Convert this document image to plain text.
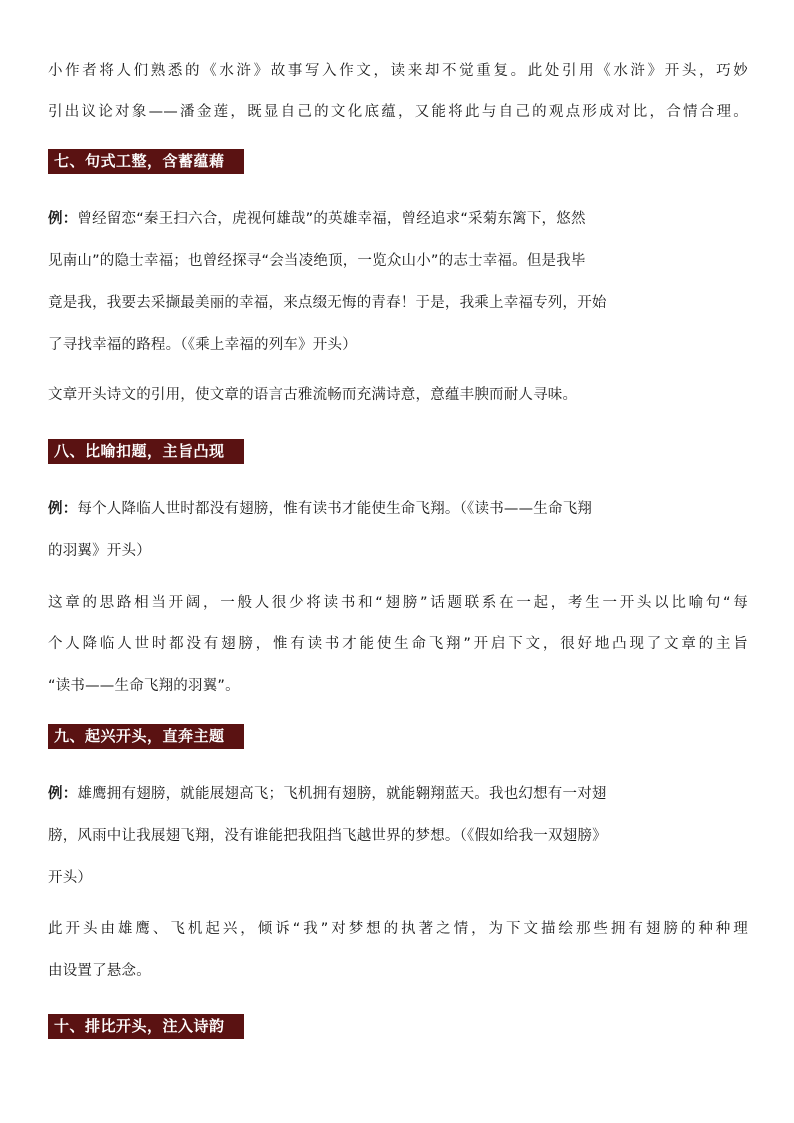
小作者将人们熟悉的《水浒》故事写入作文，读来却不觉重复。此处引用《水浒》开头，巧妙
引出议论对象——潘金莲，既显自己的文化底蕴，又能将此与自己的观点形成对比，合情合理。
七、句式工整，含蓄蕴藉
例：曾经留恋“秦王扫六合，虎视何雄哉”的英雄幸福，曾经追求“采菊东篱下，悠然
见南山”的隐士幸福；也曾经探寻“会当凌绝顶，一览众山小”的志士幸福。但是我毕
竟是我，我要去采撷最美丽的幸福，来点缀无悔的青春！于是，我乘上幸福专列，开始
了寻找幸福的路程。（《乘上幸福的列车》开头）
文章开头诗文的引用，使文章的语言古雅流畅而充满诗意，意蕴丰腴而耐人寻味。
八、比喻扣题，主旨凸现
例：每个人降临人世时都没有翅膀，惟有读书才能使生命飞翔。（《读书——生命飞翔
的羽翼》开头）
这章的思路相当开阔，一般人很少将读书和“翅膀”话题联系在一起，考生一开头以比喻句“每
个人降临人世时都没有翅膀，惟有读书才能使生命飞翔”开启下文，很好地凸现了文章的主旨
“读书——生命飞翔的羽翼”。
九、起兴开头，直奔主题
例：雄鹰拥有翅膀，就能展翅高飞；飞机拥有翅膀，就能翱翔蓝天。我也幻想有一对翅
膀，风雨中让我展翅飞翔，没有谁能把我阻挡飞越世界的梦想。（《假如给我一双翅膀》
开头）
此开头由雄鹰、飞机起兴，倾诉“我”对梦想的执著之情，为下文描绘那些拥有翅膀的种种理
由设置了悬念。
十、排比开头，注入诗韵
